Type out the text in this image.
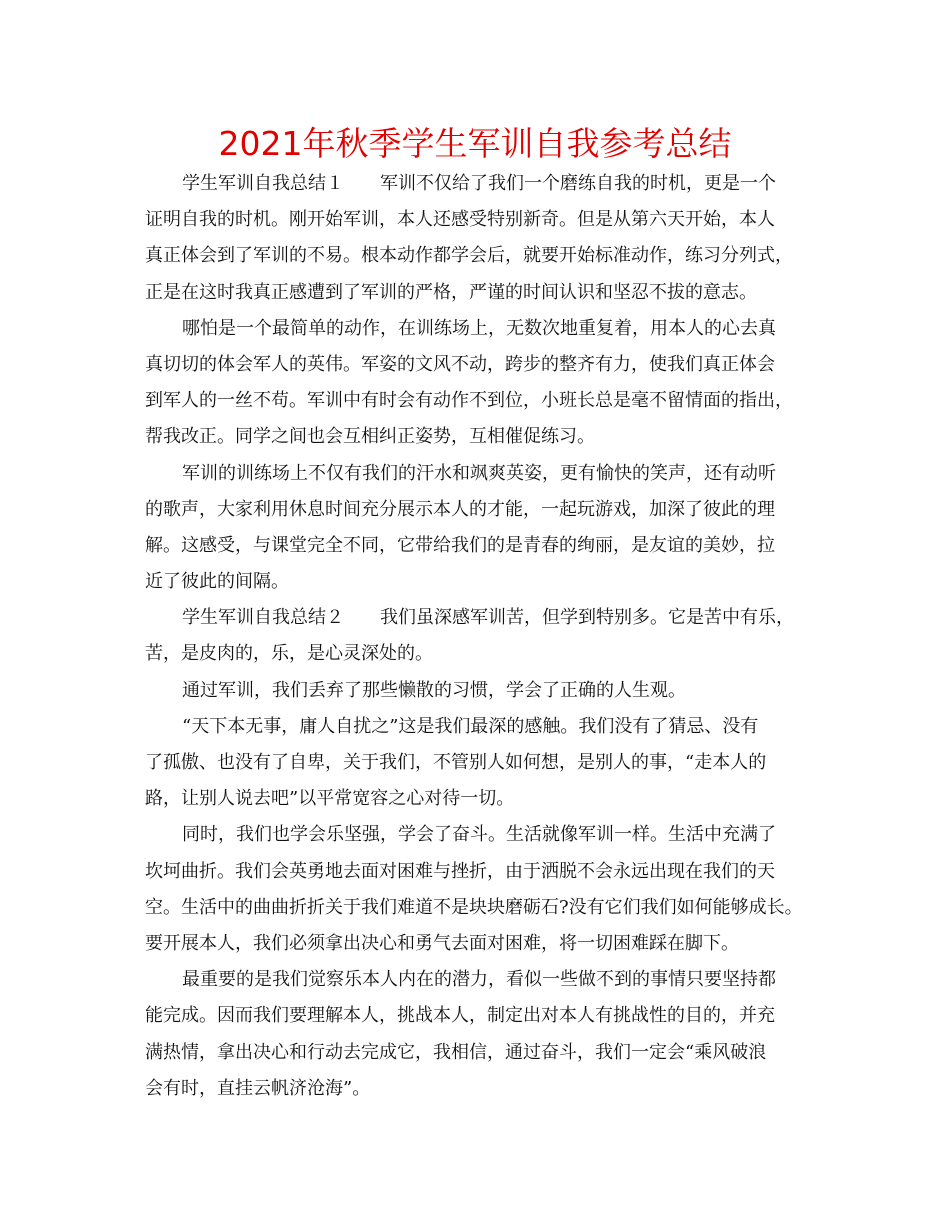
2021年秋季学生军训自我参考总结
学生军训自我总结１　　军训不仅给了我们一个磨练自我的时机，更是一个
证明自我的时机。刚开始军训，本人还感受特别新奇。但是从第六天开始，本人
真正体会到了军训的不易。根本动作都学会后，就要开始标准动作，练习分列式，
正是在这时我真正感遭到了军训的严格，严谨的时间认识和坚忍不拔的意志。
哪怕是一个最简单的动作，在训练场上，无数次地重复着，用本人的心去真
真切切的体会军人的英伟。军姿的文风不动，跨步的整齐有力，使我们真正体会
到军人的一丝不苟。军训中有时会有动作不到位，小班长总是毫不留情面的指出，
帮我改正。同学之间也会互相纠正姿势，互相催促练习。
军训的训练场上不仅有我们的汗水和飒爽英姿，更有愉快的笑声，还有动听
的歌声，大家利用休息时间充分展示本人的才能，一起玩游戏，加深了彼此的理
解。这感受，与课堂完全不同，它带给我们的是青春的绚丽，是友谊的美妙，拉
近了彼此的间隔。
学生军训自我总结２　　我们虽深感军训苦，但学到特别多。它是苦中有乐，
苦，是皮肉的，乐，是心灵深处的。
通过军训，我们丢弃了那些懒散的习惯，学会了正确的人生观。
“天下本无事，庸人自扰之”这是我们最深的感触。我们没有了猜忌、没有
了孤傲、也没有了自卑，关于我们，不管别人如何想，是别人的事，“走本人的
路，让别人说去吧”以平常宽容之心对待一切。
同时，我们也学会乐坚强，学会了奋斗。生活就像军训一样。生活中充满了
坎坷曲折。我们会英勇地去面对困难与挫折，由于洒脱不会永远出现在我们的天
空。生活中的曲曲折折关于我们难道不是块块磨砺石?没有它们我们如何能够成长。
要开展本人，我们必须拿出决心和勇气去面对困难，将一切困难踩在脚下。
最重要的是我们觉察乐本人内在的潜力，看似一些做不到的事情只要坚持都
能完成。因而我们要理解本人，挑战本人，制定出对本人有挑战性的目的，并充
满热情，拿出决心和行动去完成它，我相信，通过奋斗，我们一定会“乘风破浪
会有时，直挂云帆济沧海”。
